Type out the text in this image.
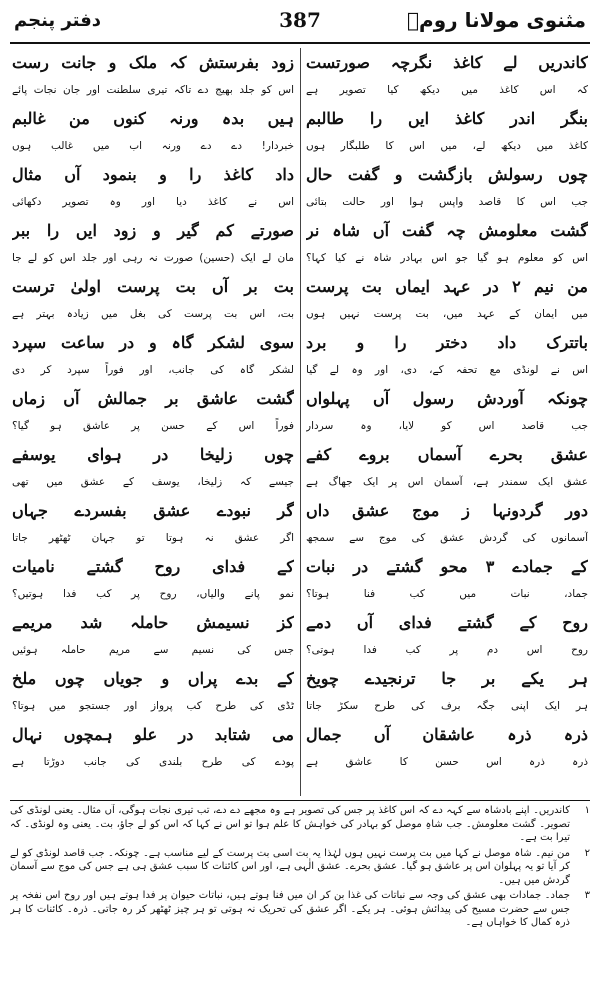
دفتر پنجم	387	مثنوی مولانا رومؒ
کاندریں لے کاغذ نگرچہ صورتست
کہ اس کاغذ میں دیکھ کیا تصویر ہے
بنگر اندر کاغذ ایں را طالبم
کاغذ میں دیکھ لے، میں اس کا طلبگار ہوں
چوں رسولش بازگشت و گفت حال
جب اس کا قاصد واپس ہوا اور حالت بتائی
گشت معلومش چہ گفت آں شاہ نر
اس کو معلوم ہو گیا جو اس بہادر شاہ نے کیا کہا؟
من نیم ۲ در عہد ایماں بت پرست
میں ایمان کے عہد میں، بت پرست نہیں ہوں
باتترک داد دختر را و برد
اس نے لونڈی مع تحفہ کے، دی، اور وہ لے گیا
چونکہ آوردش رسول آں پہلواں
جب قاصد اس کو لایا، وہ سردار
عشق بحرے آسماں بروے کفے
عشق ایک سمندر ہے، آسمان اس پر ایک جھاگ ہے
دور گردونہا ز موج عشق داں
آسمانوں کی گردش عشق کی موج سے سمجھ
کے جمادے ۳ محو گشتے در نبات
جماد، نبات میں کب فنا ہوتا؟
روح کے گشتے فدای آں دمے
روح اس دم پر کب فدا ہوتی؟
ہر یکے بر جا ترنجیدے چویخ
ہر ایک اپنی جگہ برف کی طرح سکڑ جاتا
ذرہ ذرہ عاشقان آں جمال
ذرہ ذرہ اس حسن کا عاشق ہے
زود بفرستش کہ ملک و جانت رست
اس کو جلد بھیج دے تاکہ تیری سلطنت اور جان نجات پائے
ہیں بدہ ورنہ کنوں من غالبم
خبردار! دے دے ورنہ اب میں غالب ہوں
داد کاغذ را و بنمود آں مثال
اس نے کاغذ دیا اور وہ تصویر دکھائی
صورتے کم گیر و زود ایں را ببر
مان لے ایک (حسین) صورت نہ رہی اور جلد اس کو لے جا
بت بر آں بت پرست اولیٰ ترست
بت، اس بت پرست کی بغل میں زیادہ بہتر ہے
سوی لشکر گاہ و در ساعت سپرد
لشکر گاہ کی جانب، اور فوراً سپرد کر دی
گشت عاشق بر جمالش آں زماں
فوراً اس کے حسن پر عاشق ہو گیا؟
چوں زلیخا در ہوای یوسفے
جیسے کہ زلیخا، یوسف کے عشق میں تھی
گر نبودے عشق بفسردے جہاں
اگر عشق نہ ہوتا تو جہان ٹھٹھر جاتا
کے فدای روح گشتے نامیات
نمو پانے والیاں، روح پر کب فدا ہوتیں؟
کز نسیمش حاملہ شد مریمے
جس کی نسیم سے مریم حاملہ ہوئیں
کے بدے پراں و جویاں چوں ملخ
ٹڈی کی طرح کب پرواز اور جستجو میں ہوتا؟
می شتابد در علو ہمچوں نہال
پودے کی طرح بلندی کی جانب دوڑتا ہے
۱
کاندریں۔ اپنے بادشاہ سے کہہ دے کہ اس کاغذ پر جس کی تصویر ہے وہ مجھے دے دے، تب تیری نجات ہوگی، آں مثال۔ یعنی لونڈی کی تصویر۔ گشت معلومش۔ جب شاہِ موصل کو بہادر کی خواہش کا علم ہوا تو اس نے کہا کہ اس کو لے جاؤ، بت۔ یعنی وہ لونڈی۔ کہ تیرا بت ہے۔
۲
من نیم۔ شاہ موصل نے کہا میں بت پرست نہیں ہوں لہٰذا یہ بت اسی بت پرست کے لیے مناسب ہے۔ چونکہ۔ جب قاصد لونڈی کو لے کر آیا تو یہ پہلوان اس پر عاشق ہو گیا۔ عشق بحرے۔ عشق الٰہی ہے، اور اس کائنات کا سبب عشق ہی ہے جس کی موج سے آسمان گردش میں ہیں۔
۳
جماد۔ جمادات بھی عشق کی وجہ سے نباتات کی غذا بن کر ان میں فنا ہوتے ہیں، نباتات حیوان پر فدا ہوتے ہیں اور روح اس نفخہ پر جس سے حضرت مسیح کی پیدائش ہوئی۔ ہر یکے۔ اگر عشق کی تحریک نہ ہوتی تو ہر چیز ٹھٹھر کر رہ جاتی۔ ذرہ۔ کائنات کا ہر ذرہ کمال کا خواہاں ہے۔
